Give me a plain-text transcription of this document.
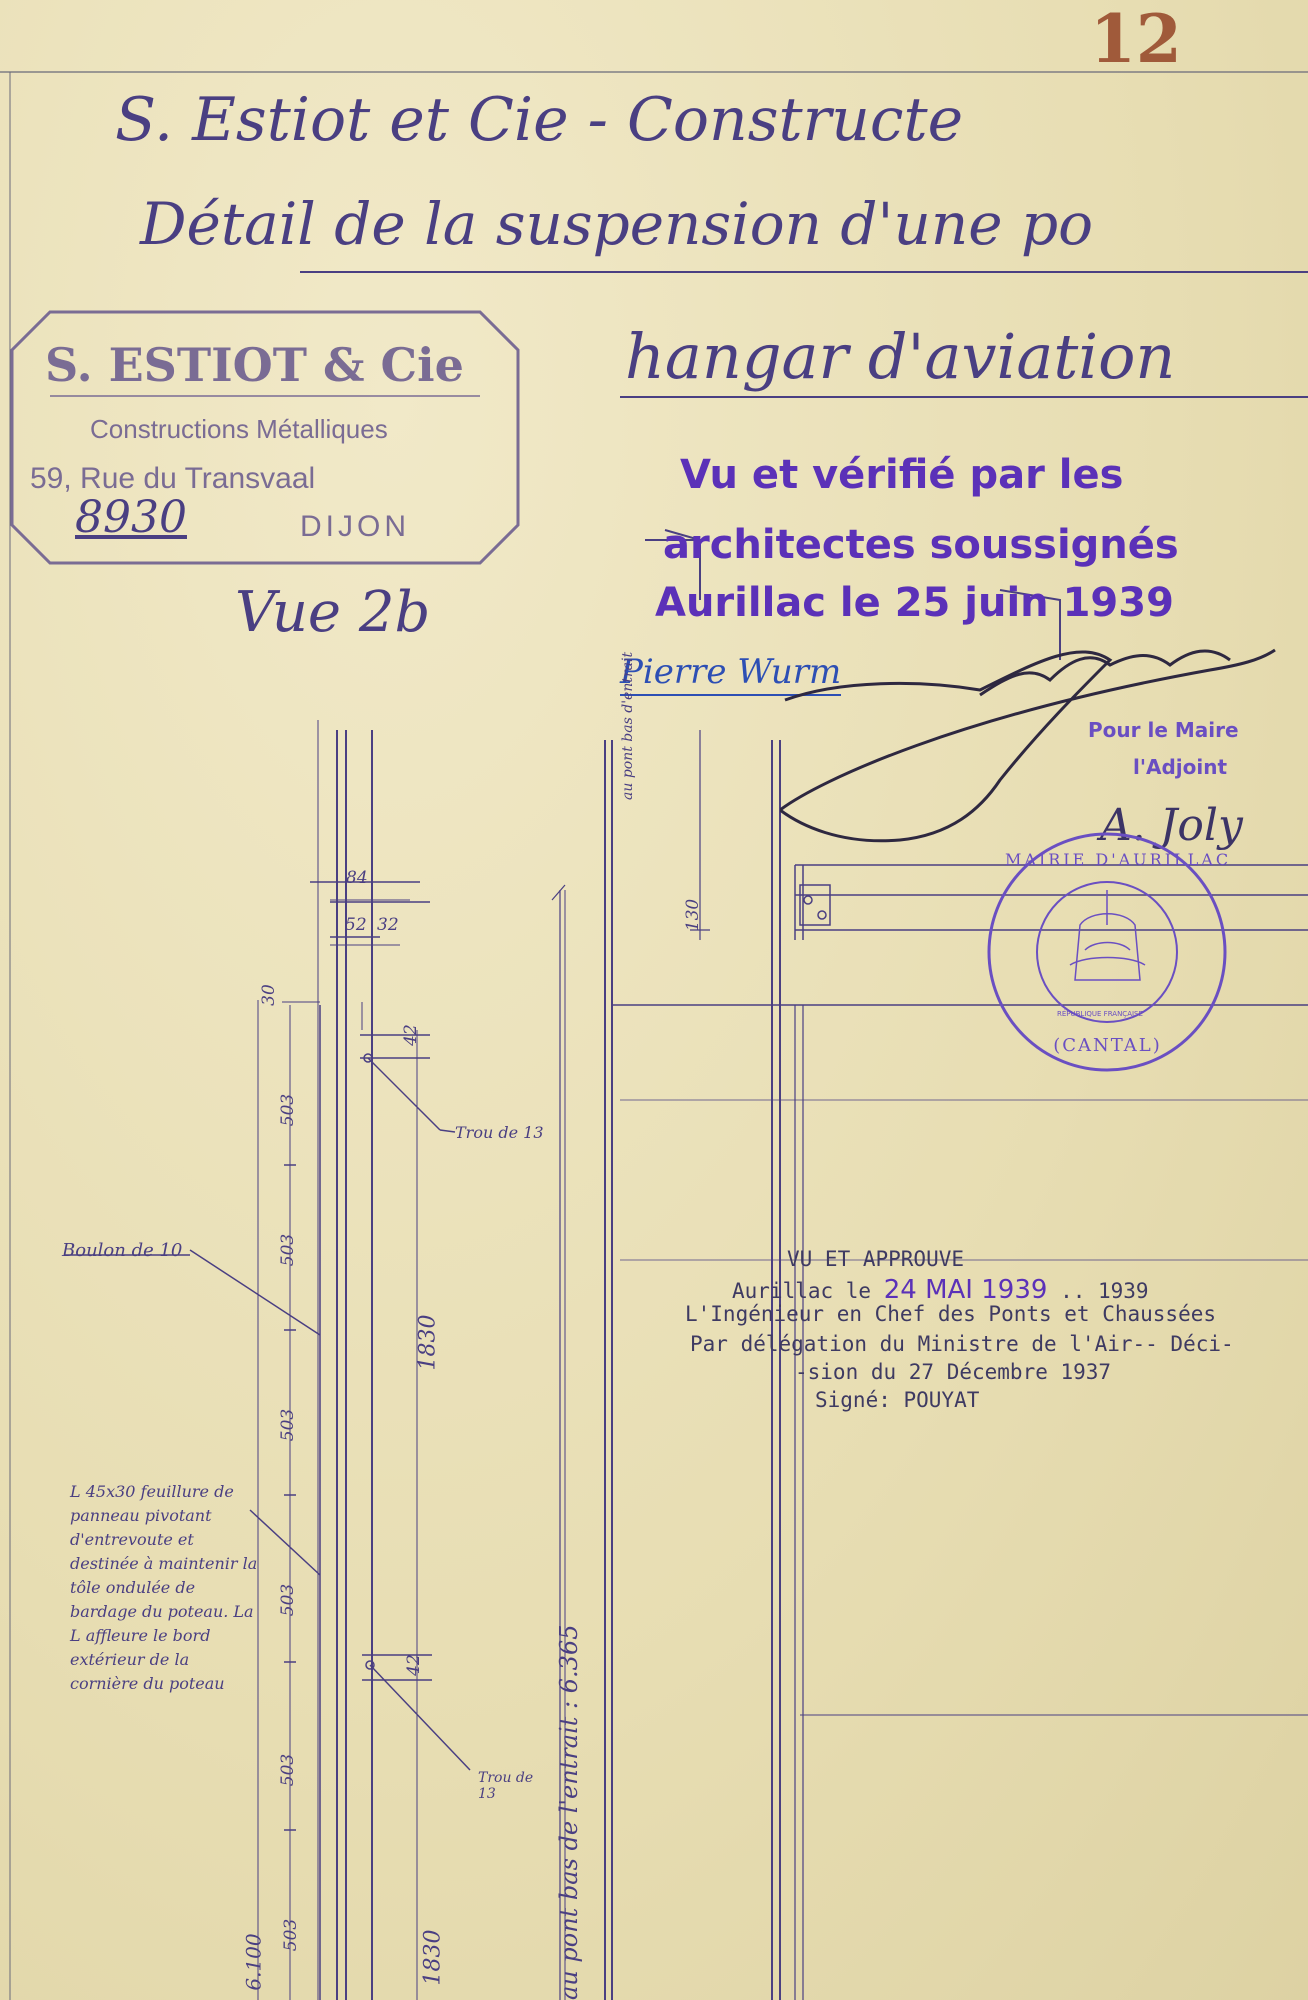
12
S. Estiot et Cie - Constructe
Détail de la suspension d'une po
hangar d'aviation
S. ESTIOT & Cie
Constructions Métalliques
59, Rue du Transvaal
DIJON
8930
Vue 2b
Vu et vérifié par les
architectes soussignés
Aurillac le 25 juin 1939
Pierre Wurm
Pour le Maire
l'Adjoint
A. Joly
MAIRIE D'AURILLAC
RÉPUBLIQUE FRANÇAISE
(CANTAL)
VU ET APPROUVE
Aurillac le 24 MAI 1939 .. 1939
L'Ingénieur en Chef des Ponts et Chaussées
Par délégation du Ministre de l'Air-- Déci-
-sion du 27 Décembre 1937
Signé: POUYAT
84
52 32
30
42
503
503
503
503
503
503
1830
42
1830
130
6.100
Boulon de 10
Trou de 13
Trou de 13
L 45x30 feuillure de panneau pivotant d'entrevoute et destinée à maintenir la tôle ondulée de bardage du poteau. La L affleure le bord extérieur de la cornière du poteau
au pont bas d'entrait
au pont bas de l'entrait : 6.365
